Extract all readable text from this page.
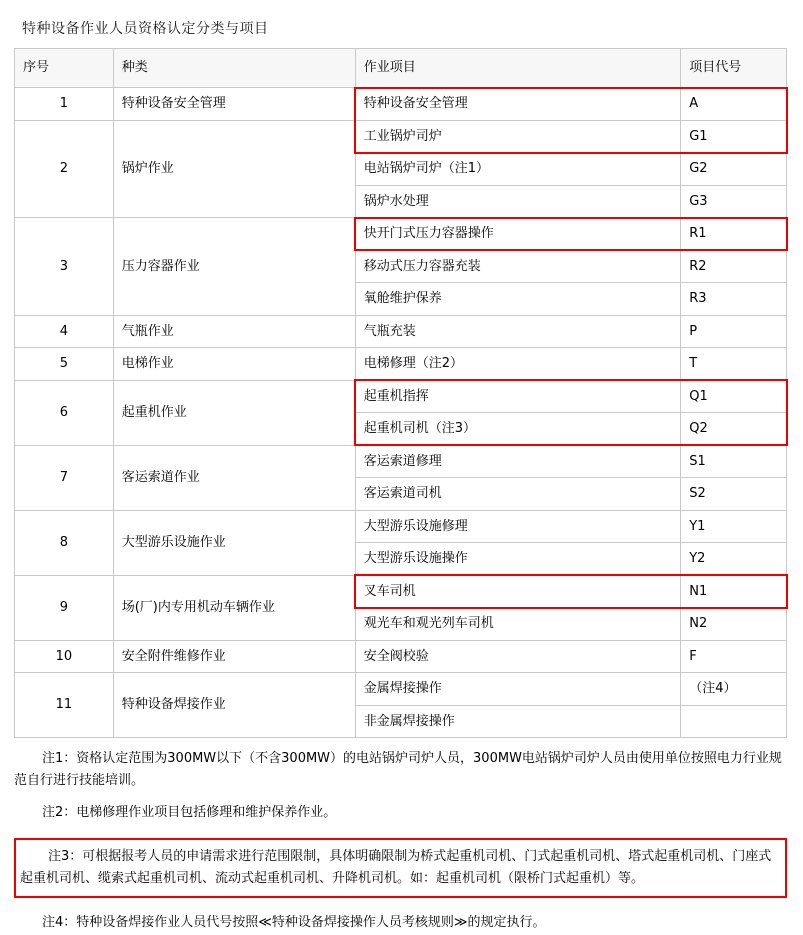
特种设备作业人员资格认定分类与项目
序号	种类	作业项目	项目代号
1	特种设备安全管理	特种设备安全管理	A
2	锅炉作业	工业锅炉司炉	G1
		电站锅炉司炉（注1）	G2
		锅炉水处理	G3
3	压力容器作业	快开门式压力容器操作	R1
		移动式压力容器充装	R2
		氧舱维护保养	R3
4	气瓶作业	气瓶充装	P
5	电梯作业	电梯修理（注2）	T
6	起重机作业	起重机指挥	Q1
		起重机司机（注3）	Q2
7	客运索道作业	客运索道修理	S1
		客运索道司机	S2
8	大型游乐设施作业	大型游乐设施修理	Y1
		大型游乐设施操作	Y2
9	场(厂)内专用机动车辆作业	叉车司机	N1
		观光车和观光列车司机	N2
10	安全附件维修作业	安全阀校验	F
11	特种设备焊接作业	金属焊接操作	（注4）
		非金属焊接操作	
注1：资格认定范围为300MW以下（不含300MW）的电站锅炉司炉人员，300MW电站锅炉司炉人员由使用单位按照电力行业规范自行进行技能培训。
注2：电梯修理作业项目包括修理和维护保养作业。
注3：可根据报考人员的申请需求进行范围限制，具体明确限制为桥式起重机司机、门式起重机司机、塔式起重机司机、门座式起重机司机、缆索式起重机司机、流动式起重机司机、升降机司机。如：起重机司机（限桥门式起重机）等。
注4：特种设备焊接作业人员代号按照≪特种设备焊接操作人员考核规则≫的规定执行。
